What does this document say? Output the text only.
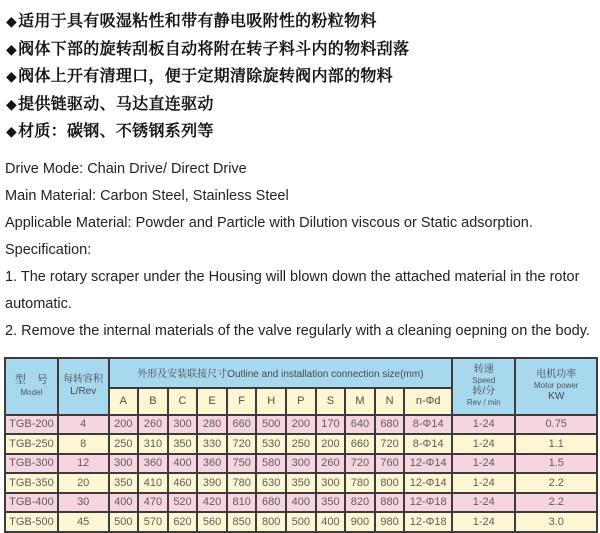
◆适用于具有吸湿粘性和带有静电吸附性的粉粒物料
◆阀体下部的旋转刮板自动将附在转子料斗内的物料刮落
◆阀体上开有清理口，便于定期清除旋转阀内部的物料
◆提供链驱动、马达直连驱动
◆材质：碳钢、不锈钢系列等
Drive Mode: Chain Drive/ Direct Drive
Main Material: Carbon Steel, Stainless Steel
Applicable Material: Powder and Particle with Dilution viscous or Static adsorption.
Specification:
1. The rotary scraper under the Housing will blown down the attached material in the rotor
automatic.
2. Remove the internal materials of the valve regularly with a cleaning oepning on the body.
型　号
Model

每转容积
L/Rev
	外形及安装联接尺寸Outline and installation connection size(mm)	转速
Speed
转/分
Rev / min

电机功率
Motor power
KW

		A	B	C	E	F	H	P	S	M	N	n-Φd		
TGB-200	4	200	260	300	280	660	500	200	170	640	680	8-Φ14	1-24	0.75
TGB-250	8	250	310	350	330	720	530	250	200	660	720	8-Φ14	1-24	1.1
TGB-300	12	300	360	400	360	750	580	300	260	720	760	12-Φ14	1-24	1.5
TGB-350	20	350	410	460	390	780	630	350	300	780	800	12-Φ14	1-24	2.2
TGB-400	30	400	470	520	420	810	680	400	350	820	880	12-Φ18	1-24	2.2
TGB-500	45	500	570	620	560	850	800	500	400	900	980	12-Φ18	1-24	3.0
